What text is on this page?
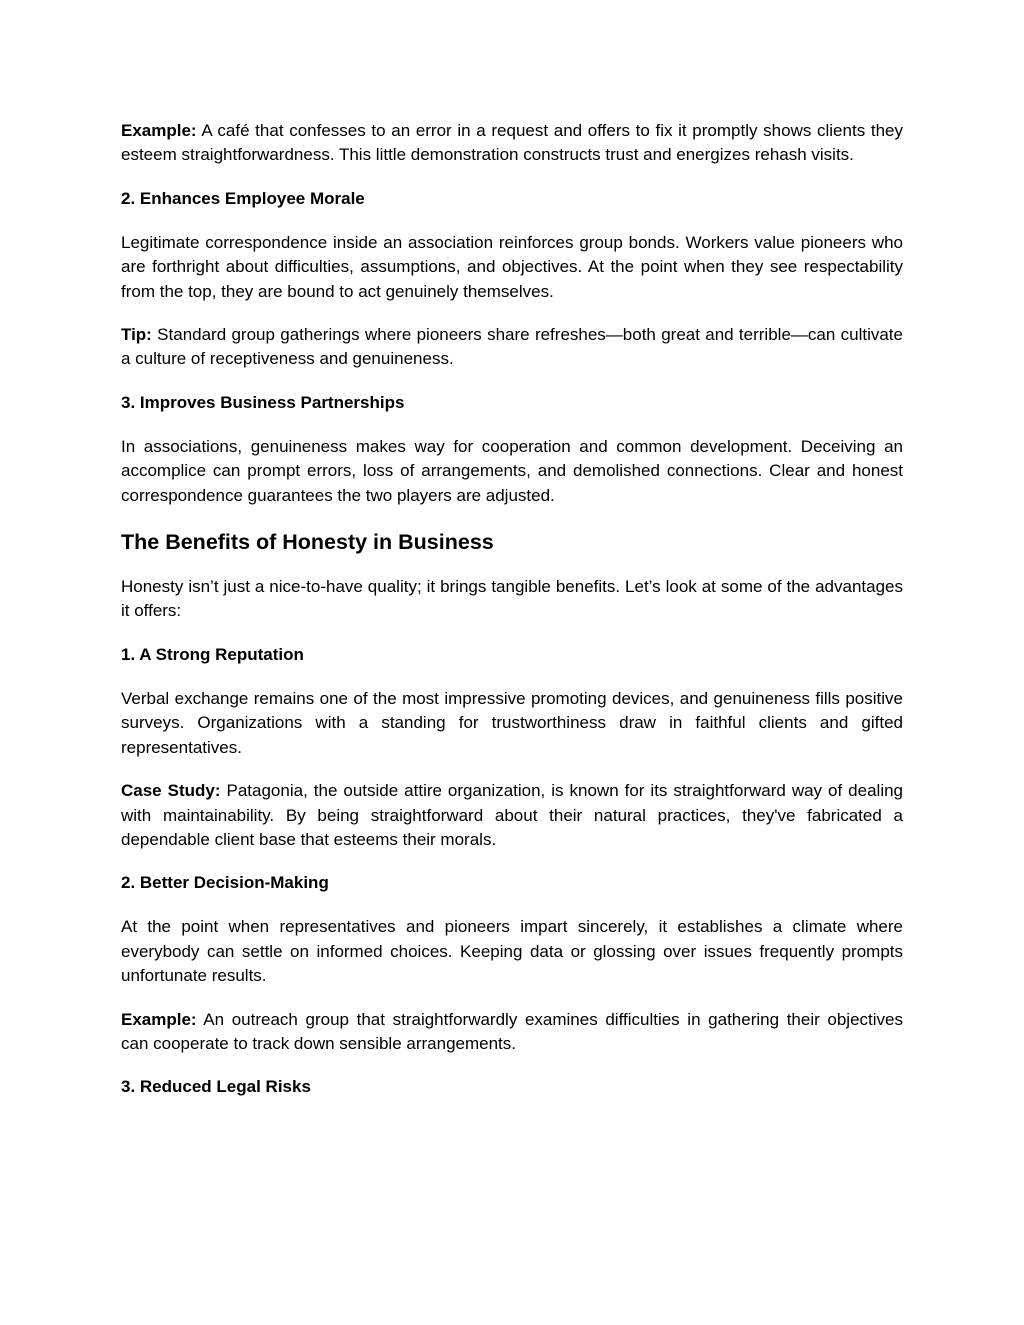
Example: A café that confesses to an error in a request and offers to fix it promptly shows clients they esteem straightforwardness. This little demonstration constructs trust and energizes rehash visits.

2. Enhances Employee Morale

Legitimate correspondence inside an association reinforces group bonds. Workers value pioneers who are forthright about difficulties, assumptions, and objectives. At the point when they see respectability from the top, they are bound to act genuinely themselves.

Tip: Standard group gatherings where pioneers share refreshes—both great and terrible—can cultivate a culture of receptiveness and genuineness.

3. Improves Business Partnerships

In associations, genuineness makes way for cooperation and common development. Deceiving an accomplice can prompt errors, loss of arrangements, and demolished connections. Clear and honest correspondence guarantees the two players are adjusted.

The Benefits of Honesty in Business

Honesty isn’t just a nice-to-have quality; it brings tangible benefits. Let’s look at some of the advantages it offers:

1. A Strong Reputation

Verbal exchange remains one of the most impressive promoting devices, and genuineness fills positive surveys. Organizations with a standing for trustworthiness draw in faithful clients and gifted representatives.

Case Study: Patagonia, the outside attire organization, is known for its straightforward way of dealing with maintainability. By being straightforward about their natural practices, they've fabricated a dependable client base that esteems their morals.

2. Better Decision-Making

At the point when representatives and pioneers impart sincerely, it establishes a climate where everybody can settle on informed choices. Keeping data or glossing over issues frequently prompts unfortunate results.

Example: An outreach group that straightforwardly examines difficulties in gathering their objectives can cooperate to track down sensible arrangements.

3. Reduced Legal Risks
